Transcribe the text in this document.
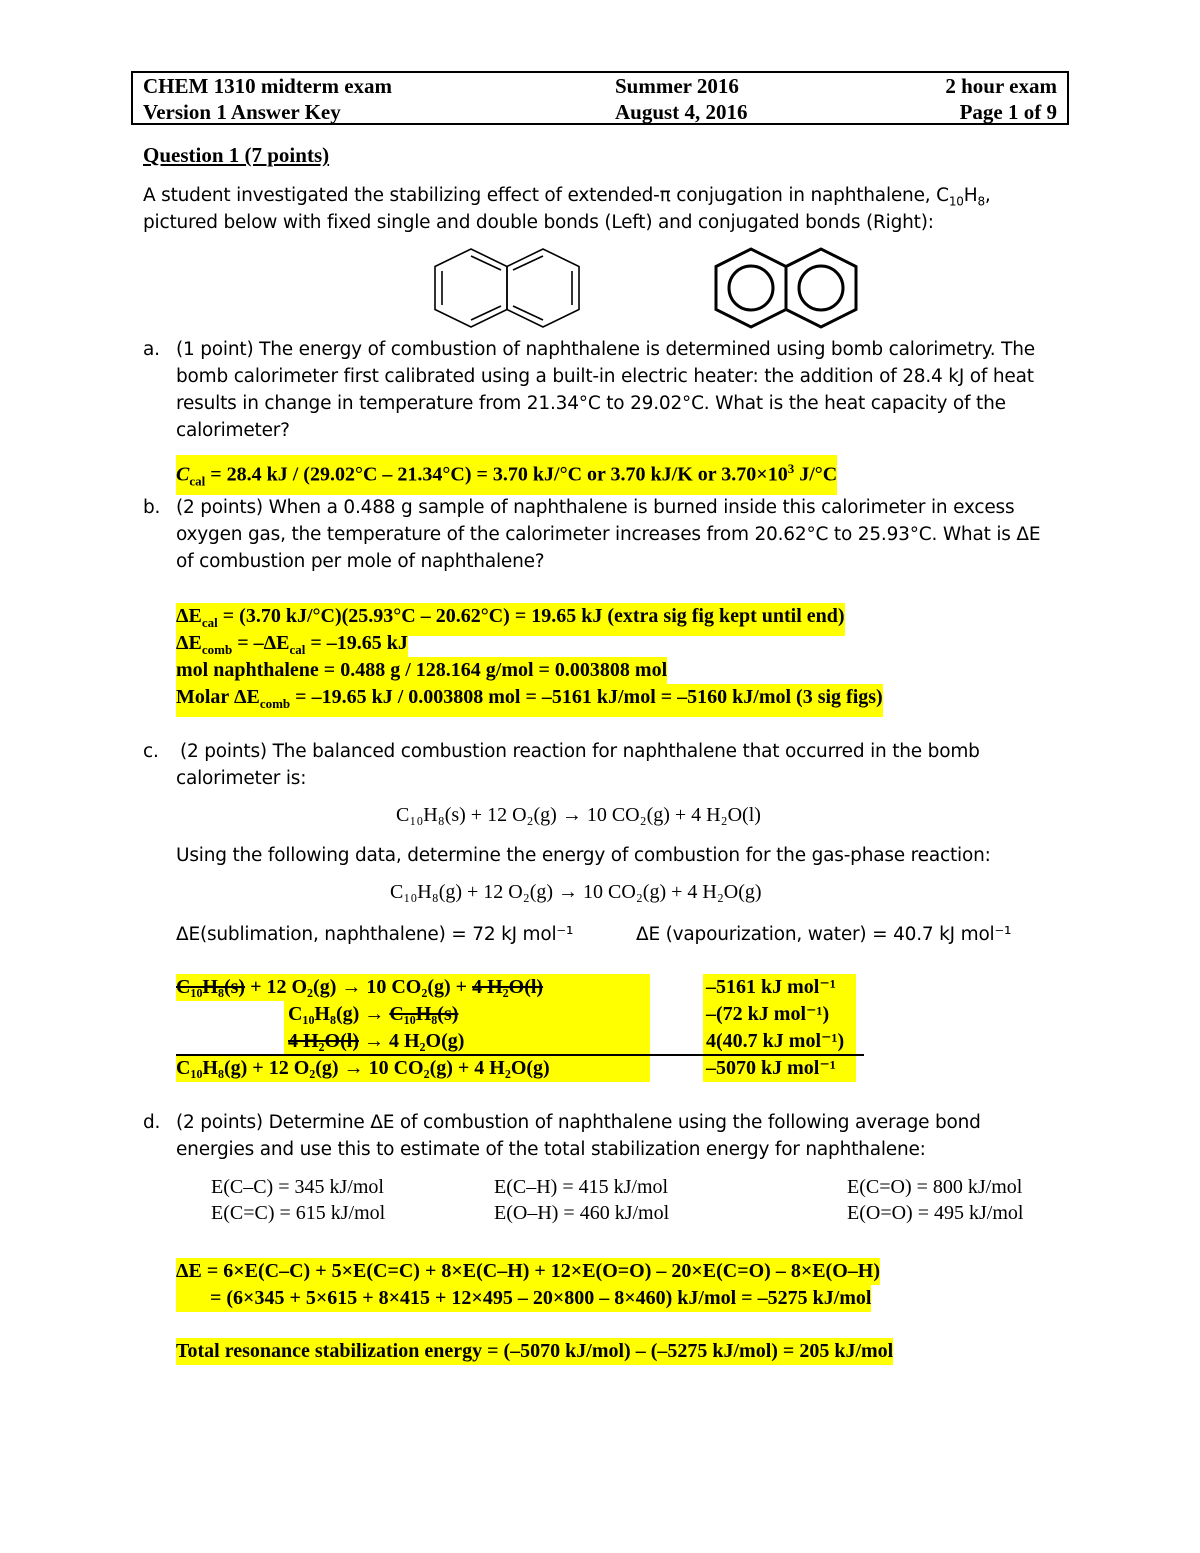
CHEM 1310 midterm exam	Summer 2016	2 hour exam
Version 1 Answer Key	August 4, 2016	Page 1 of 9
Question 1 (7 points)
A student investigated the stabilizing effect of extended-π conjugation in naphthalene, $C_{10}H_8$,
pictured below with fixed single and double bonds (Left) and conjugated bonds (Right):
a. (1 point) The energy of combustion of naphthalene is determined using bomb calorimetry. The
bomb calorimeter first calibrated using a built-in electric heater: the addition of 28.4 kJ of heat
results in change in temperature from 21.34°C to 29.02°C. What is the heat capacity of the
calorimeter?
$C_{cal} = 28.4$ kJ / (29.02°C – 21.34°C) = 3.70 kJ/°C or 3.70 kJ/K or $3.70\times 10^3$ J/°C
b. (2 points) When a 0.488 g sample of naphthalene is burned inside this calorimeter in excess
oxygen gas, the temperature of the calorimeter increases from 20.62°C to 25.93°C. What is ΔE
of combustion per mole of naphthalene?
$\Delta E_{cal} = (3.70$ kJ/°C)(25.93°C – 20.62°C) = 19.65 kJ (extra sig fig kept until end)
$\Delta E_{comb} = -\Delta E_{cal} = -19.65$ kJ
mol naphthalene = 0.488 g / 128.164 g/mol = 0.003808 mol
Molar $\Delta E_{comb} = -19.65$ kJ / 0.003808 mol = –5161 kJ/mol = –5160 kJ/mol (3 sig figs)
c. (2 points) The balanced combustion reaction for naphthalene that occurred in the bomb
calorimeter is:
C₁₀H₈(s) + 12 O₂(g) → 10 CO₂(g) + 4 H₂O(l)
Using the following data, determine the energy of combustion for the gas-phase reaction:
C₁₀H₈(g) + 12 O₂(g) → 10 CO₂(g) + 4 H₂O(g)
ΔE(sublimation, naphthalene) = 72 kJ mol⁻¹	ΔE (vapourization, water) = 40.7 kJ mol⁻¹
C₁₀H₈(s) + 12 O₂(g) → 10 CO₂(g) + 4 H₂O(l)	–5161 kJ mol⁻¹
C₁₀H₈(g) → C₁₀H₈(s)	–(72 kJ mol⁻¹)
4 H₂O(l) → 4 H₂O(g)	4(40.7 kJ mol⁻¹)
C₁₀H₈(g) + 12 O₂(g) → 10 CO₂(g) + 4 H₂O(g)	–5070 kJ mol⁻¹
d. (2 points) Determine ΔE of combustion of naphthalene using the following average bond
energies and use this to estimate of the total stabilization energy for naphthalene:
E(C–C) = 345 kJ/mol	E(C–H) = 415 kJ/mol	E(C=O) = 800 kJ/mol
E(C=C) = 615 kJ/mol	E(O–H) = 460 kJ/mol	E(O=O) = 495 kJ/mol
ΔE = 6×E(C–C) + 5×E(C=C) + 8×E(C–H) + 12×E(O=O) – 20×E(C=O) – 8×E(O–H)
= (6×345 + 5×615 + 8×415 + 12×495 – 20×800 – 8×460) kJ/mol = –5275 kJ/mol
Total resonance stabilization energy = (–5070 kJ/mol) – (–5275 kJ/mol) = 205 kJ/mol
